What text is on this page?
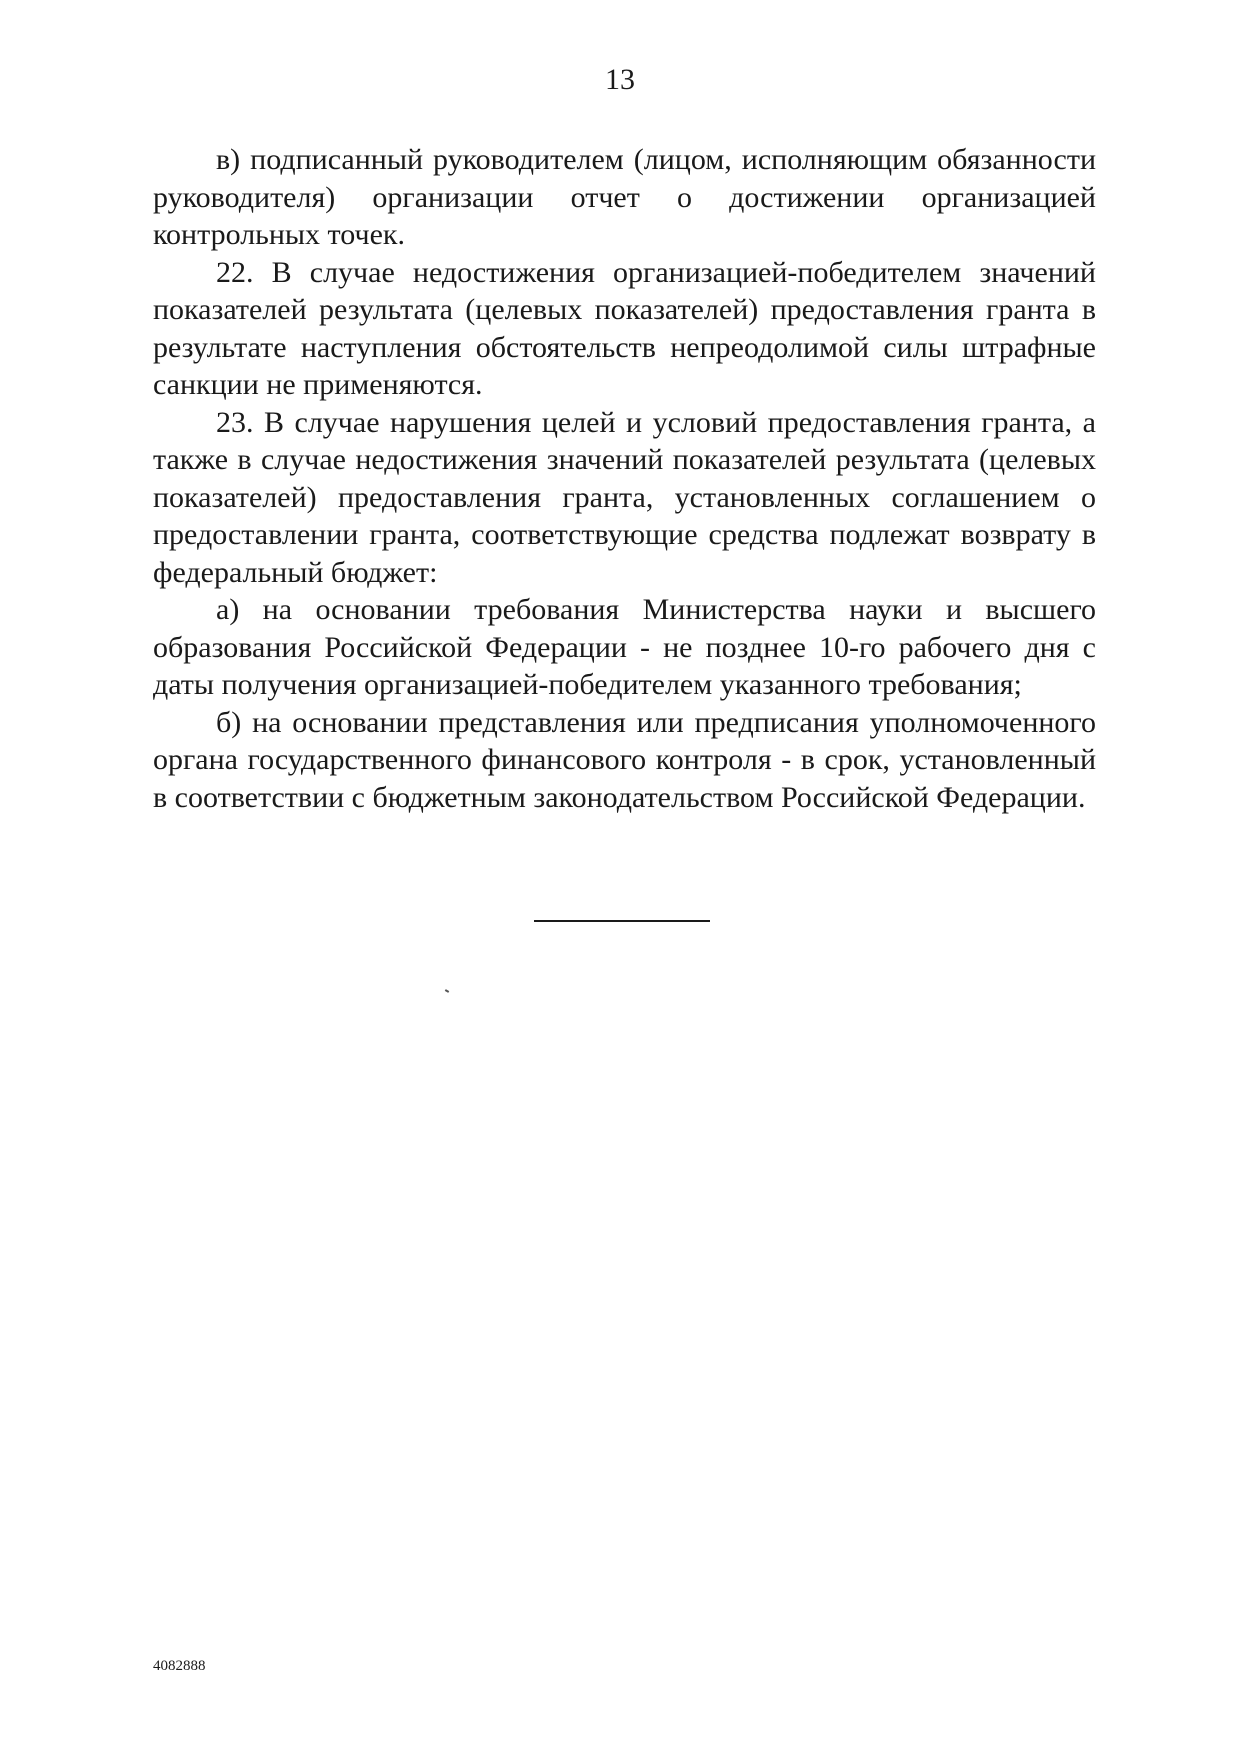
13

в) подписанный руководителем (лицом, исполняющим обязанности руководителя) организации отчет о достижении организацией контрольных точек.

22. В случае недостижения организацией-победителем значений показателей результата (целевых показателей) предоставления гранта в результате наступления обстоятельств непреодолимой силы штрафные санкции не применяются.

23. В случае нарушения целей и условий предоставления гранта, а также в случае недостижения значений показателей результата (целевых показателей) предоставления гранта, установленных соглашением о предоставлении гранта, соответствующие средства подлежат возврату в федеральный бюджет:

а) на основании требования Министерства науки и высшего образования Российской Федерации - не позднее 10-го рабочего дня с даты получения организацией-победителем указанного требования;

б) на основании представления или предписания уполномоченного органа государственного финансового контроля - в срок, установленный в соответствии с бюджетным законодательством Российской Федерации.

4082888
